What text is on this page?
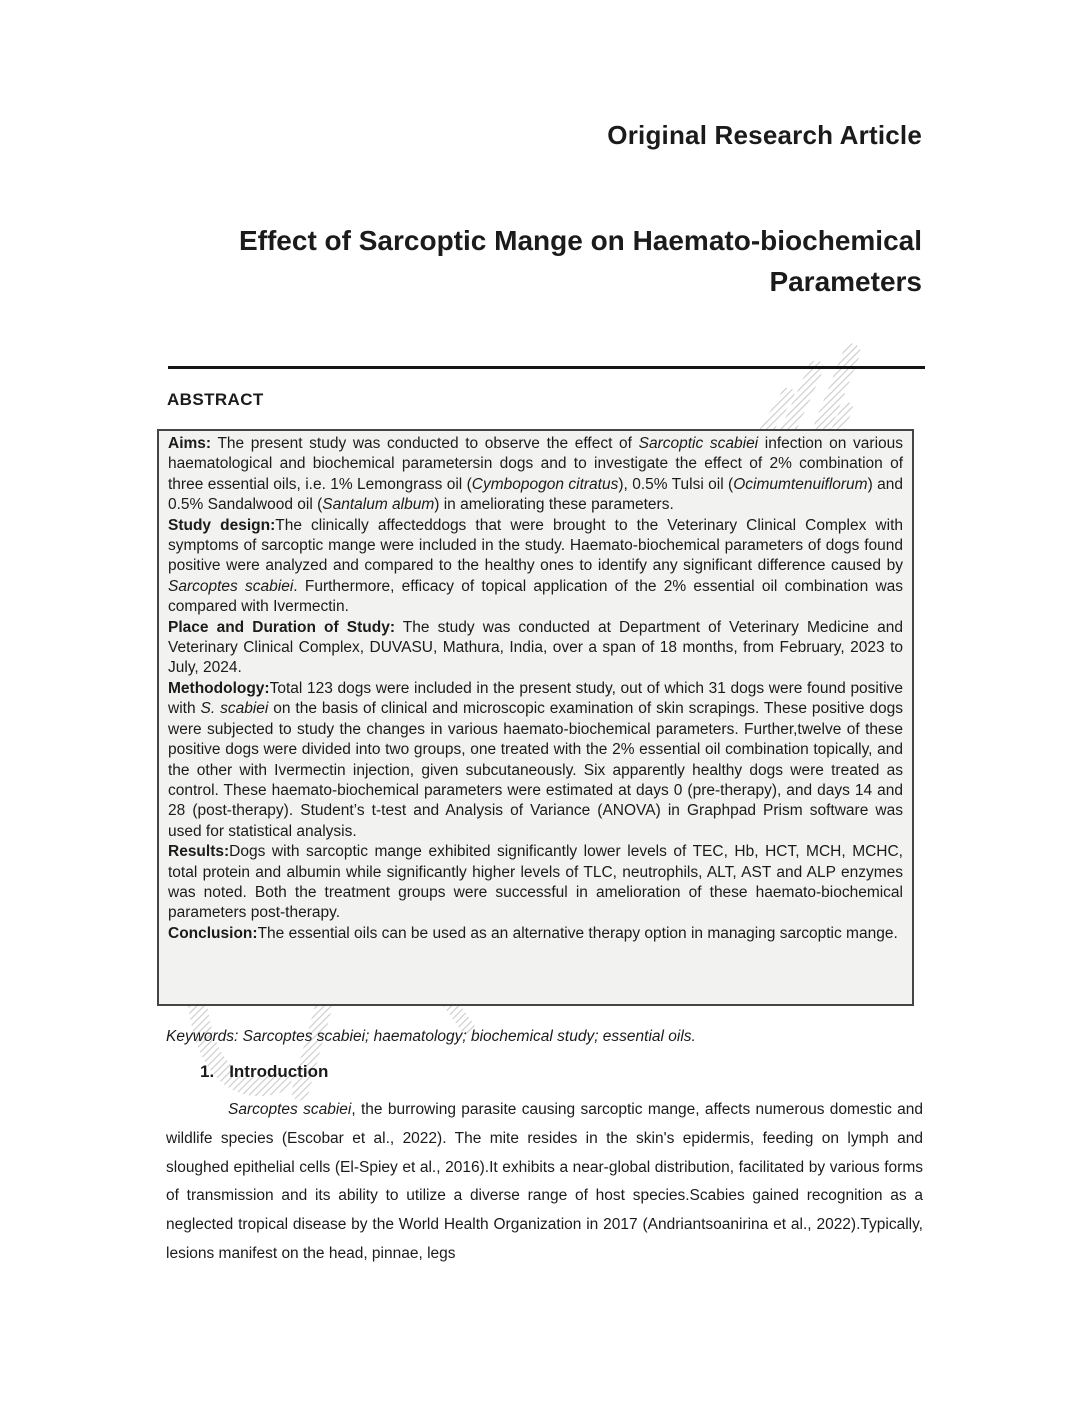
Original Research Article
Effect of Sarcoptic Mange on Haemato-biochemical
Parameters
ABSTRACT
Aims: The present study was conducted to observe the effect of Sarcoptic scabiei infection on various haematological and biochemical parametersin dogs and to investigate the effect of 2% combination of three essential oils, i.e. 1% Lemongrass oil (Cymbopogon citratus), 0.5% Tulsi oil (Ocimumtenuiflorum) and 0.5% Sandalwood oil (Santalum album) in ameliorating these parameters.
Study design:The clinically affecteddogs that were brought to the Veterinary Clinical Complex with symptoms of sarcoptic mange were included in the study. Haemato-biochemical parameters of dogs found positive were analyzed and compared to the healthy ones to identify any significant difference caused by Sarcoptes scabiei. Furthermore, efficacy of topical application of the 2% essential oil combination was compared with Ivermectin.
Place and Duration of Study: The study was conducted at Department of Veterinary Medicine and Veterinary Clinical Complex, DUVASU, Mathura, India, over a span of 18 months, from February, 2023 to July, 2024.
Methodology:Total 123 dogs were included in the present study, out of which 31 dogs were found positive with S. scabiei on the basis of clinical and microscopic examination of skin scrapings. These positive dogs were subjected to study the changes in various haemato-biochemical parameters. Further,twelve of these positive dogs were divided into two groups, one treated with the 2% essential oil combination topically, and the other with Ivermectin injection, given subcutaneously. Six apparently healthy dogs were treated as control. These haemato-biochemical parameters were estimated at days 0 (pre-therapy), and days 14 and 28 (post-therapy). Student’s t-test and Analysis of Variance (ANOVA) in Graphpad Prism software was used for statistical analysis.
Results:Dogs with sarcoptic mange exhibited significantly lower levels of TEC, Hb, HCT, MCH, MCHC, total protein and albumin while significantly higher levels of TLC, neutrophils, ALT, AST and ALP enzymes was noted. Both the treatment groups were successful in amelioration of these haemato-biochemical parameters post-therapy.
Conclusion:The essential oils can be used as an alternative therapy option in managing sarcoptic mange.
Keywords: Sarcoptes scabiei; haematology; biochemical study; essential oils.
1. Introduction
Sarcoptes scabiei, the burrowing parasite causing sarcoptic mange, affects numerous domestic and wildlife species (Escobar et al., 2022). The mite resides in the skin's epidermis, feeding on lymph and sloughed epithelial cells (El-Spiey et al., 2016).It exhibits a near-global distribution, facilitated by various forms of transmission and its ability to utilize a diverse range of host species.Scabies gained recognition as a neglected tropical disease by the World Health Organization in 2017 (Andriantsoanirina et al., 2022).Typically, lesions manifest on the head, pinnae, legs
